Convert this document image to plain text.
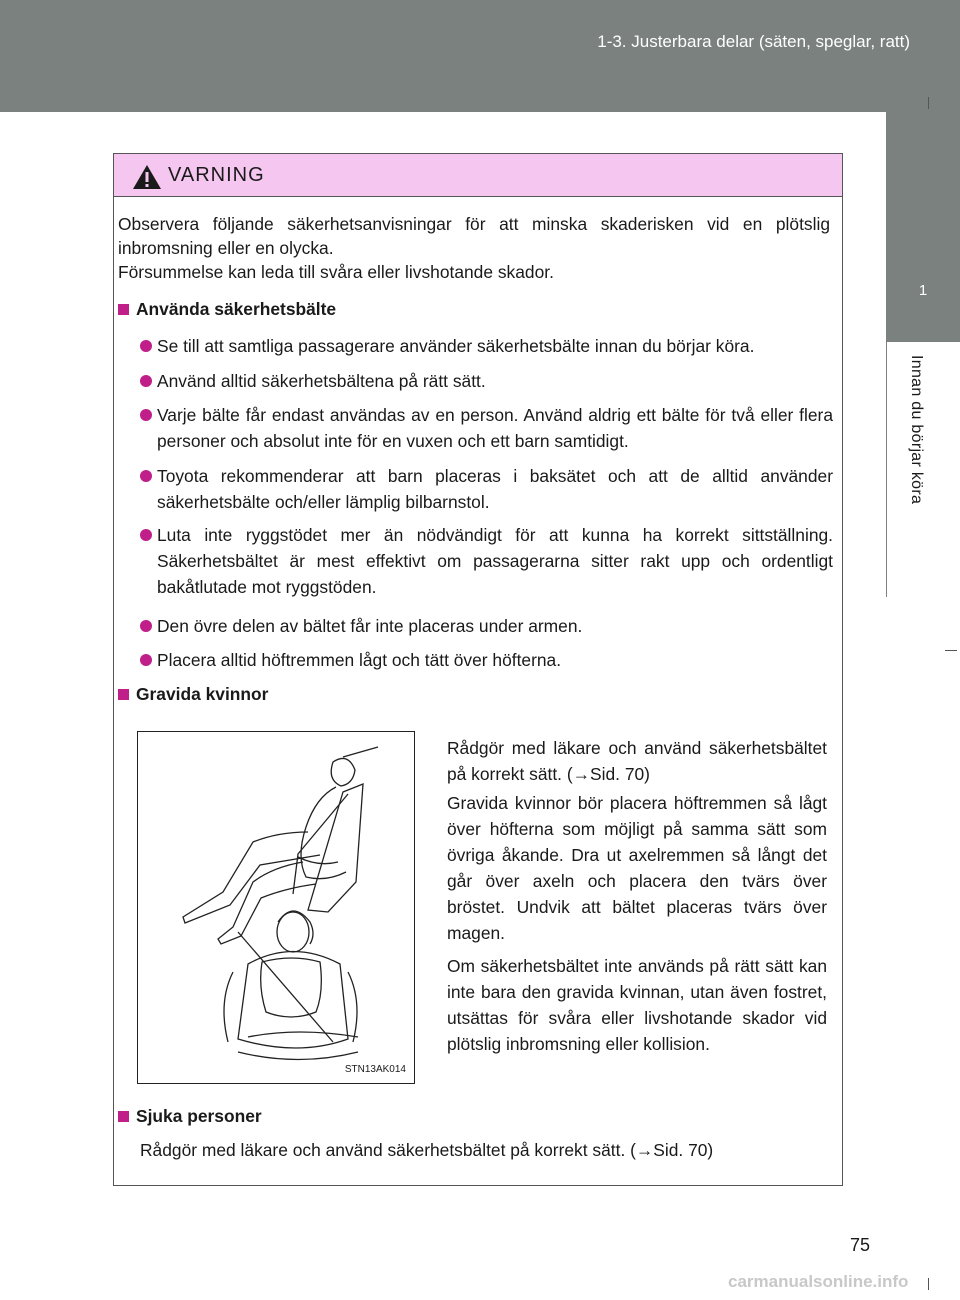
1-3. Justerbara delar (säten, speglar, ratt)
1
Innan du börjar köra
VARNING
Observera följande säkerhetsanvisningar för att minska skaderisken vid en plötslig inbromsning eller en olycka.
Försummelse kan leda till svåra eller livshotande skador.
Använda säkerhetsbälte
Se till att samtliga passagerare använder säkerhetsbälte innan du börjar köra.
Använd alltid säkerhetsbältena på rätt sätt.
Varje bälte får endast användas av en person. Använd aldrig ett bälte för två eller flera personer och absolut inte för en vuxen och ett barn samtidigt.
Toyota rekommenderar att barn placeras i baksätet och att de alltid använder säkerhetsbälte och/eller lämplig bilbarnstol.
Luta inte ryggstödet mer än nödvändigt för att kunna ha korrekt sittställning. Säkerhetsbältet är mest effektivt om passagerarna sitter rakt upp och ordentligt bakåtlutade mot ryggstöden.
Den övre delen av bältet får inte placeras under armen.
Placera alltid höftremmen lågt och tätt över höfterna.
Gravida kvinnor
STN13AK014
Rådgör med läkare och använd säkerhetsbältet på korrekt sätt. (→Sid. 70)
Gravida kvinnor bör placera höftremmen så lågt över höfterna som möjligt på samma sätt som övriga åkande. Dra ut axelremmen så långt det går över axeln och placera den tvärs över bröstet. Undvik att bältet placeras tvärs över magen.
Om säkerhetsbältet inte används på rätt sätt kan inte bara den gravida kvinnan, utan även fostret, utsättas för svåra eller livshotande skador vid plötslig inbromsning eller kollision.
Sjuka personer
Rådgör med läkare och använd säkerhetsbältet på korrekt sätt. (→Sid. 70)
75
carmanualsonline.info
